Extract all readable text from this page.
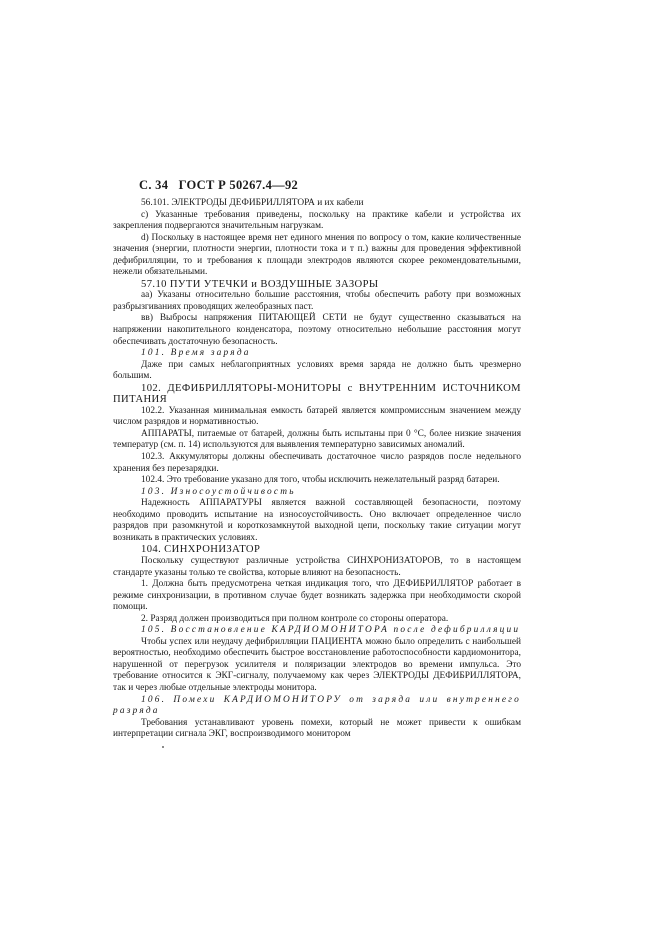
С. 34 ГОСТ Р 50267.4—92

56.101. ЭЛЕКТРОДЫ ДЕФИБРИЛЛЯТОРА и их кабели

с) Указанные требования приведены, поскольку на практике кабели и устройства их закрепления подвергаются значительным нагрузкам.

d) Поскольку в настоящее время нет единого мнения по вопросу о том, какие количественные значения (энергии, плотности энергии, плотности тока и т п.) важны для проведения эффективной дефибрилляции, то и требования к площади электродов являются скорее рекомендовательными, нежели обязательными.

57.10 ПУТИ УТЕЧКИ и ВОЗДУШНЫЕ ЗАЗОРЫ

аа) Указаны относительно большие расстояния, чтобы обеспечить работу при возможных разбрызгиваниях проводящих желеобразных паст.

вв) Выбросы напряжения ПИТАЮЩЕЙ СЕТИ не будут существенно сказываться на напряжении накопительного конденсатора, поэтому относительно небольшие расстояния могут обеспечивать достаточную безопасность.

101. Время заряда

Даже при самых неблагоприятных условиях время заряда не должно быть чрезмерно большим.

102. ДЕФИБРИЛЛЯТОРЫ-МОНИТОРЫ с ВНУТРЕННИМ ИСТОЧНИКОМ ПИТАНИЯ

102.2. Указанная минимальная емкость батарей является компромиссным значением между числом разрядов и нормативностью.

АППАРАТЫ, питаемые от батарей, должны быть испытаны при 0 °C, более низкие значения температур (см. п. 14) используются для выявления температурно зависимых аномалий.

102.3. Аккумуляторы должны обеспечивать достаточное число разрядов после недельного хранения без перезарядки.

102.4. Это требование указано для того, чтобы исключить нежелательный разряд батареи.

103. Износоустойчивость

Надежность АППАРАТУРЫ является важной составляющей безопасности, поэтому необходимо проводить испытание на износоустойчивость. Оно включает определенное число разрядов при разомкнутой и короткозамкнутой выходной цепи, поскольку такие ситуации могут возникать в практических условиях.

104. СИНХРОНИЗАТОР

Поскольку существуют различные устройства СИНХРОНИЗАТОРОВ, то в настоящем стандарте указаны только те свойства, которые влияют на безопасность.

1. Должна быть предусмотрена четкая индикация того, что ДЕФИБРИЛЛЯТОР работает в режиме синхронизации, в противном случае будет возникать задержка при необходимости скорой помощи.

2. Разряд должен производиться при полном контроле со стороны оператора.

105. Восстановление КАРДИОМОНИТОРА после дефибрилляции

Чтобы успех или неудачу дефибрилляции ПАЦИЕНТА можно было определить с наибольшей вероятностью, необходимо обеспечить быстрое восстановление работоспособности кардиомонитора, нарушенной от перегрузок усилителя и поляризации электродов во времени импульса. Это требование относится к ЭКГ-сигналу, получаемому как через ЭЛЕКТРОДЫ ДЕФИБРИЛЛЯТОРА, так и через любые отдельные электроды монитора.

106. Помехи КАРДИОМОНИТОРУ от заряда или внутреннего разряда

Требования устанавливают уровень помехи, который не может привести к ошибкам интерпретации сигнала ЭКГ, воспроизводимого монитором
